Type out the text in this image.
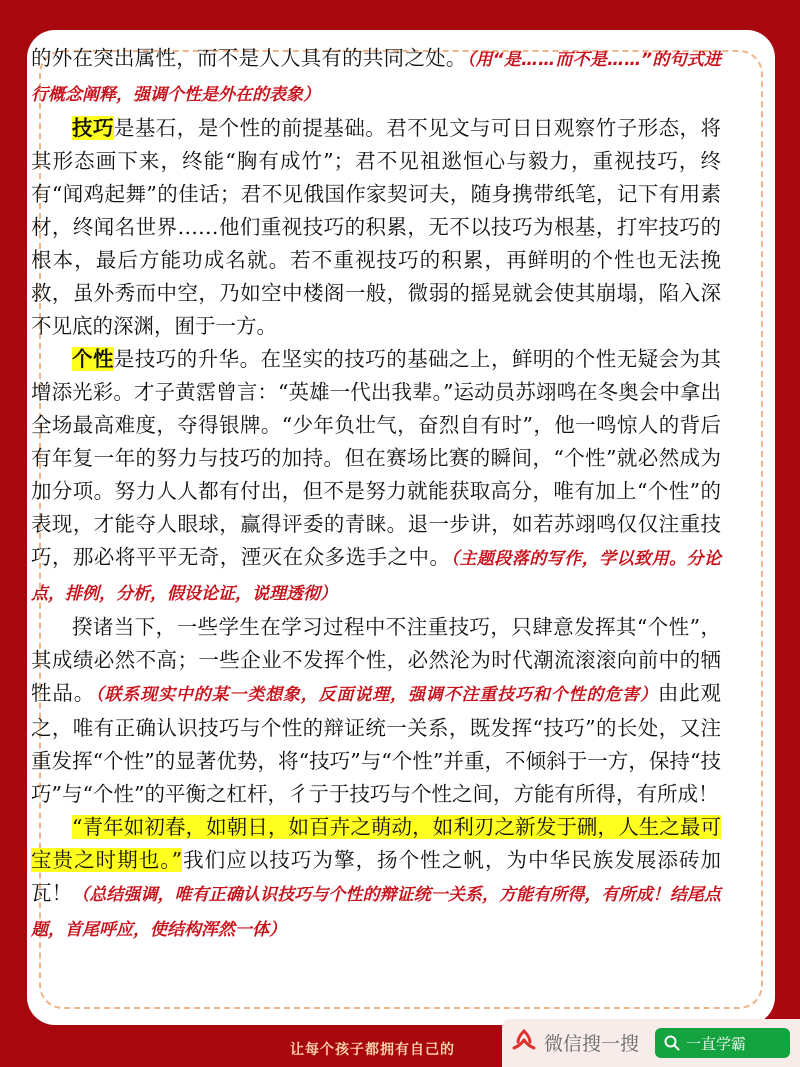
的外在突出属性，而不是人人具有的共同之处。（用“是……而不是……”的句式进行概念阐释，强调个性是外在的表象）

技巧是基石，是个性的前提基础。君不见文与可日日观察竹子形态，将其形态画下来，终能“胸有成竹”；君不见祖逖恒心与毅力，重视技巧，终有“闻鸡起舞”的佳话；君不见俄国作家契诃夫，随身携带纸笔，记下有用素材，终闻名世界……他们重视技巧的积累，无不以技巧为根基，打牢技巧的根本，最后方能功成名就。若不重视技巧的积累，再鲜明的个性也无法挽救，虽外秀而中空，乃如空中楼阁一般，微弱的摇晃就会使其崩塌，陷入深不见底的深渊，囿于一方。

个性是技巧的升华。在坚实的技巧的基础之上，鲜明的个性无疑会为其增添光彩。才子黄霑曾言：“英雄一代出我辈。”运动员苏翊鸣在冬奥会中拿出全场最高难度，夺得银牌。“少年负壮气，奋烈自有时”，他一鸣惊人的背后有年复一年的努力与技巧的加持。但在赛场比赛的瞬间，“个性”就必然成为加分项。努力人人都有付出，但不是努力就能获取高分，唯有加上“个性”的表现，才能夺人眼球，赢得评委的青睐。退一步讲，如若苏翊鸣仅仅注重技巧，那必将平平无奇，湮灭在众多选手之中。（主题段落的写作，学以致用。分论点，排例，分析，假设论证，说理透彻）

揆诸当下，一些学生在学习过程中不注重技巧，只肆意发挥其“个性”，其成绩必然不高；一些企业不发挥个性，必然沦为时代潮流滚滚向前中的牺牲品。（联系现实中的某一类想象，反面说理，强调不注重技巧和个性的危害）由此观之，唯有正确认识技巧与个性的辩证统一关系，既发挥“技巧”的长处，又注重发挥“个性”的显著优势，将“技巧”与“个性”并重，不倾斜于一方，保持“技巧”与“个性”的平衡之杠杆，彳亍于技巧与个性之间，方能有所得，有所成！

“青年如初春，如朝日，如百卉之萌动，如利刃之新发于硎，人生之最可宝贵之时期也。”我们应以技巧为擎，扬个性之帆，为中华民族发展添砖加瓦！（总结强调，唯有正确认识技巧与个性的辩证统一关系，方能有所得，有所成！结尾点题，首尾呼应，使结构浑然一体）

让每个孩子都拥有自己的	微信搜一搜	一直学霸
